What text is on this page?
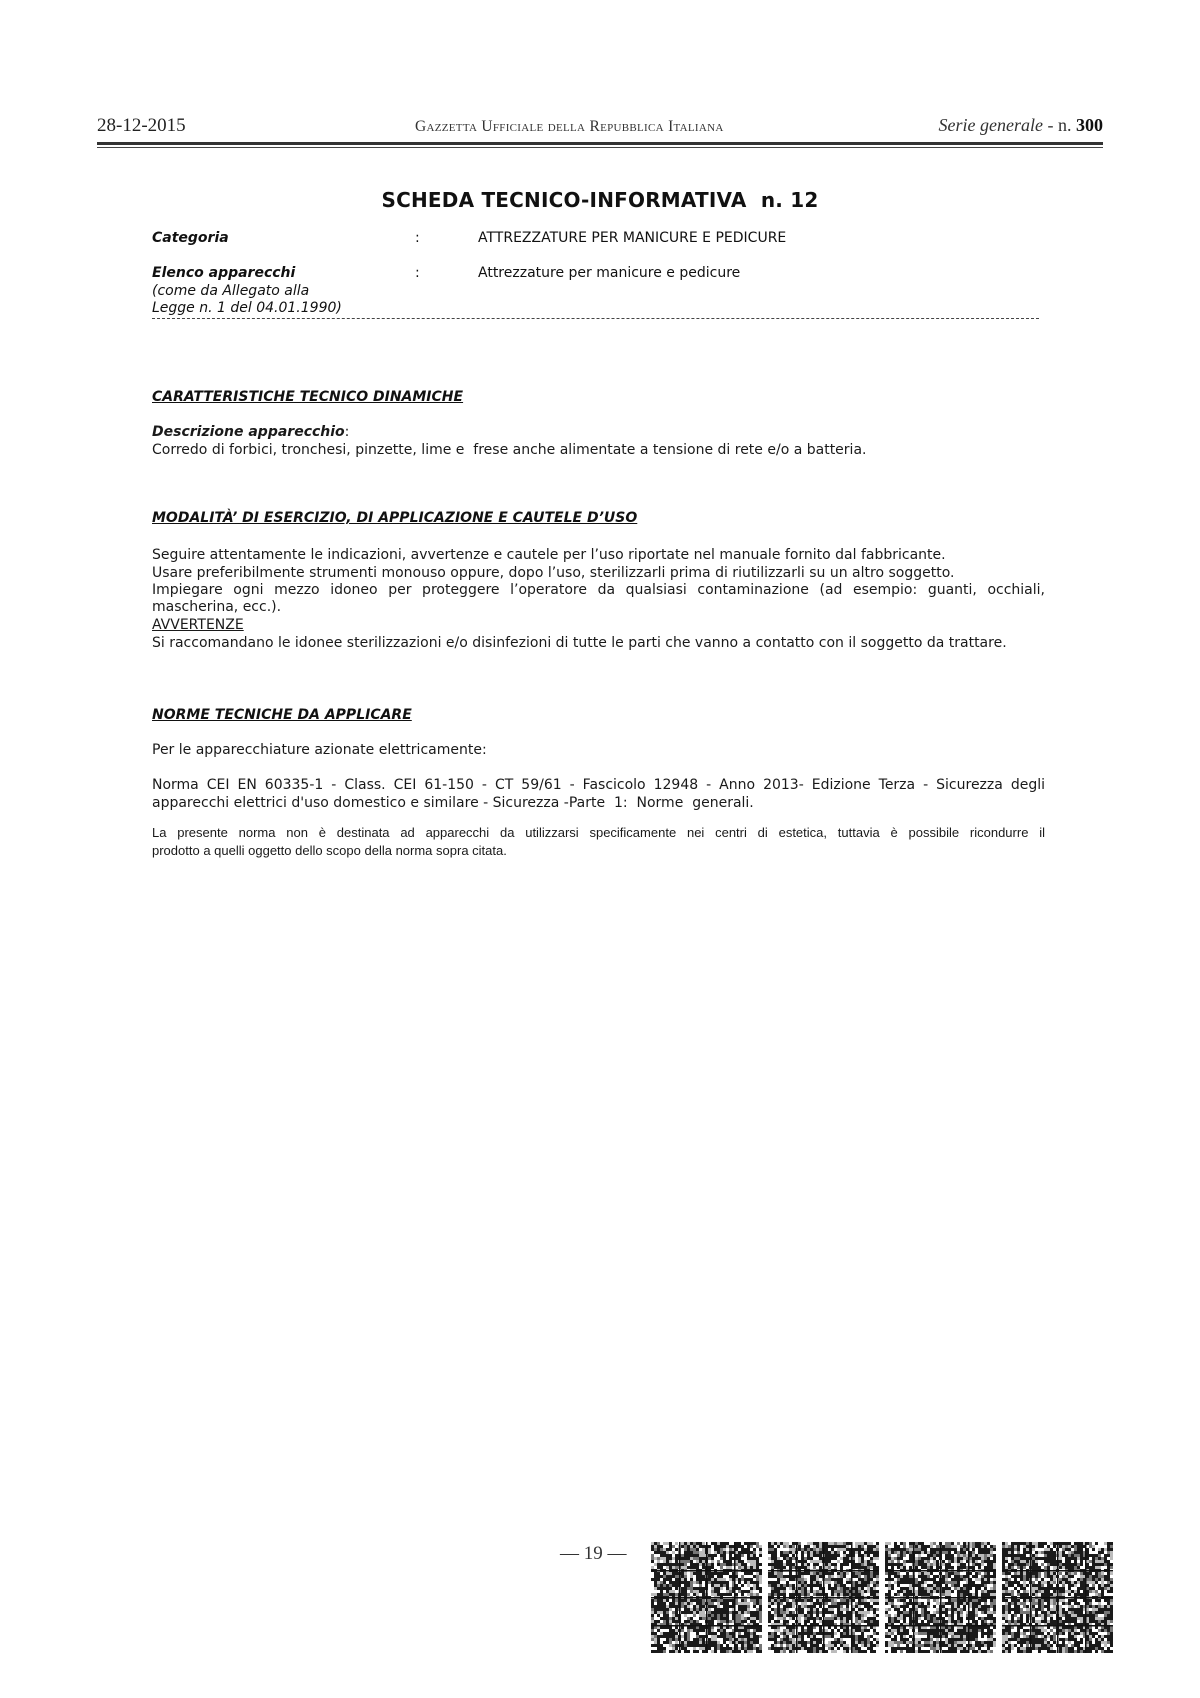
28-12-2015	Gazzetta Ufficiale della Repubblica Italiana	Serie generale - n. 300
SCHEDA TECNICO-INFORMATIVA  n. 12
Categoria	:	ATTREZZATURE PER MANICURE E PEDICURE
Elenco apparecchi
(come da Allegato alla
Legge n. 1 del 04.01.1990)
:	Attrezzature per manicure e pedicure
CARATTERISTICHE TECNICO DINAMICHE
Descrizione apparecchio:
Corredo di forbici, tronchesi, pinzette, lime e  frese anche alimentate a tensione di rete e/o a batteria.
MODALITÀ’ DI ESERCIZIO, DI APPLICAZIONE E CAUTELE D’USO
Seguire attentamente le indicazioni, avvertenze e cautele per l’uso riportate nel manuale fornito dal fabbricante.
Usare preferibilmente strumenti monouso oppure, dopo l’uso, sterilizzarli prima di riutilizzarli su un altro soggetto.
Impiegare ogni mezzo idoneo per proteggere l’operatore da qualsiasi contaminazione (ad esempio: guanti, occhiali,
mascherina, ecc.).
AVVERTENZE
Si raccomandano le idonee sterilizzazioni e/o disinfezioni di tutte le parti che vanno a contatto con il soggetto da trattare.
NORME TECNICHE DA APPLICARE
Per le apparecchiature azionate elettricamente:
Norma CEI EN 60335-1 - Class. CEI 61-150 - CT 59/61 - Fascicolo 12948 - Anno 2013- Edizione Terza - Sicurezza degli
apparecchi elettrici d'uso domestico e similare - Sicurezza -Parte  1:  Norme  generali.
La presente norma non è destinata ad apparecchi da utilizzarsi specificamente nei centri di estetica, tuttavia è possibile ricondurre il
prodotto a quelli oggetto dello scopo della norma sopra citata.
— 19 —
